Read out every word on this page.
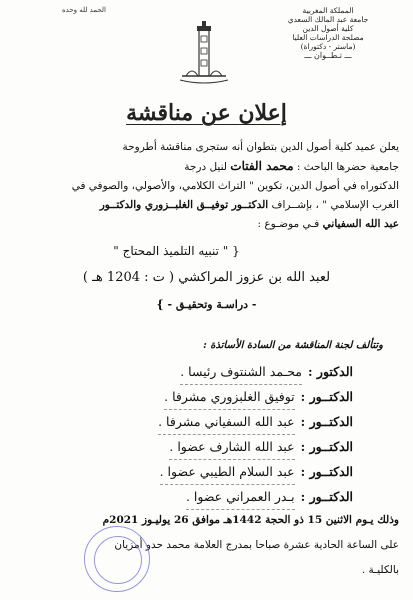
الحمد لله وحده	المملكة المغربية
جامعة عبد المالك السعدي
كلية أصول الدين
مصلحة الدراسات العليا
(ماستر - دكتوراة)
ـــ تـطــوان ـــ
إعلان عن مناقشة
يعلن عميد كلية أصول الدين بتطوان أنه ستجرى مناقشة أطروحة
جامعية حضرها الباحث : محمد الفتات لنيل درجة
الدكتوراه في أصول الدين، تكوين " التراث الكلامي، والأصولي، والصوفي في
الغرب الإسلامي " ، بإشــراف الدكتــور توفيــق الغلبــزوري والدكتــور
عبد الله السفياني فـي موضـوع :
{ " تنبيه التلميذ المحتاج "
لعبد الله بن عزوز المراكشي ( ت : 1204 هـ )
- دراسـة وتحقيـق - }
وتتألف لجنة المناقشة من السادة الأساتذة :
الدكتور :
محـمد الشنتوف رئيسا .
الدكتــور :
توفيق الغلبزوري مشرفا .
الدكتــور :
عبد الله السفياني مشرفا .
الدكتــور :
عبد الله الشارف عضوا .
الدكتــور :
عبد السلام الطيبي عضوا .
الدكتــور :
بـدر العمراني عضوا .
وذلك يـوم الاثنين 15 ذو الحجة 1442هـ موافق 26 يوليـوز 2021م
على الساعة الحادية عشرة صباحا بمدرج العلامة محمد حدو أمزيان
بالكليـة .
